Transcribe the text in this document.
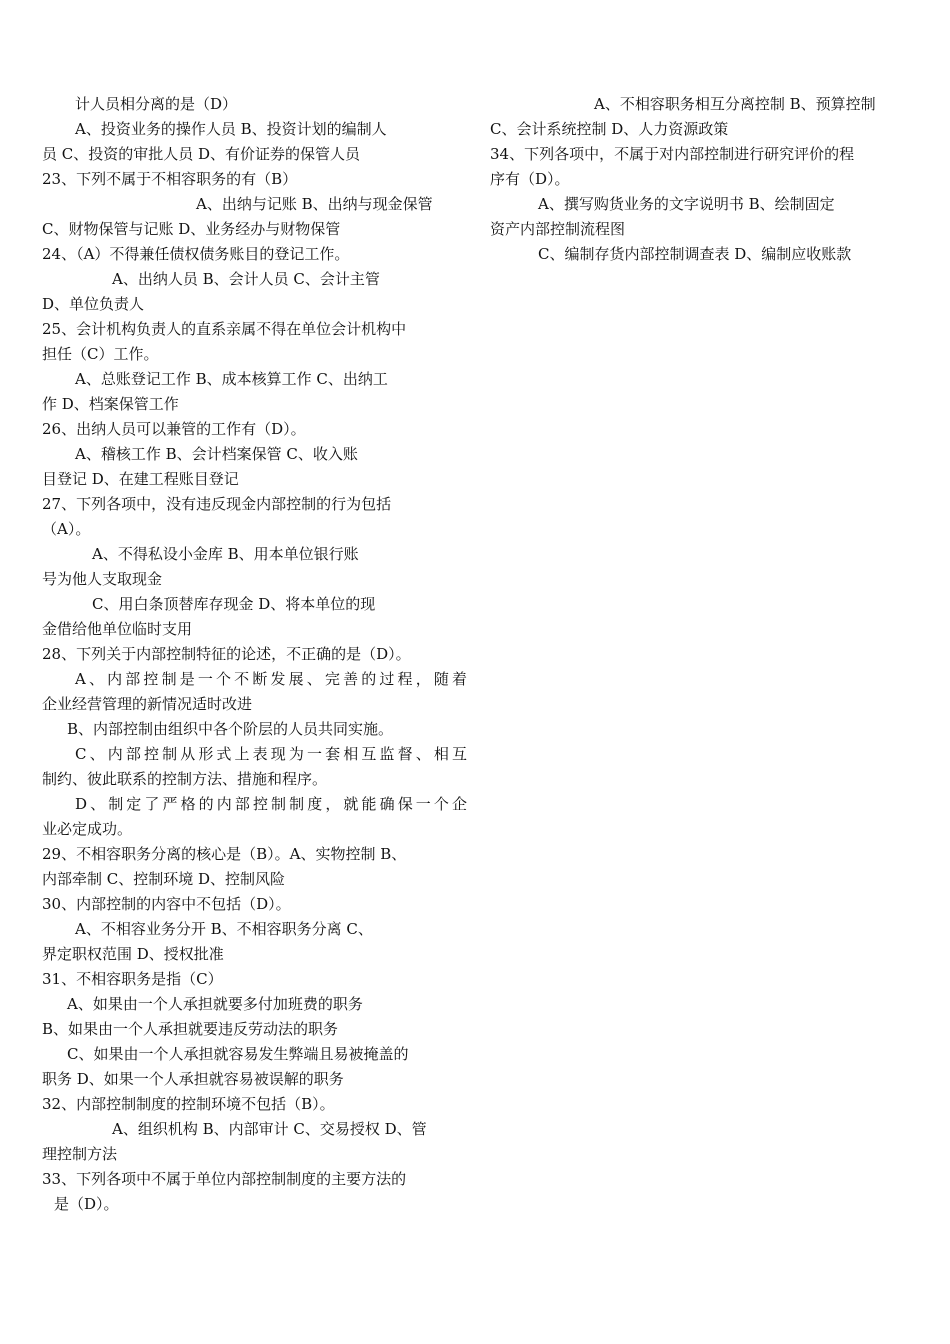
计人员相分离的是（D）
A、投资业务的操作人员 B、投资计划的编制人
员 C、投资的审批人员 D、有价证券的保管人员
23、下列不属于不相容职务的有（B）
A、出纳与记账 B、出纳与现金保管
C、财物保管与记账 D、业务经办与财物保管
24、（A）不得兼任债权债务账目的登记工作。
A、出纳人员 B、会计人员 C、会计主管
D、单位负责人
25、会计机构负责人的直系亲属不得在单位会计机构中
担任（C）工作。
A、总账登记工作 B、成本核算工作 C、出纳工
作 D、档案保管工作
26、出纳人员可以兼管的工作有（D）。
A、稽核工作 B、会计档案保管 C、收入账
目登记 D、在建工程账目登记
27、下列各项中，没有违反现金内部控制的行为包括
（A）。
A、不得私设小金库 B、用本单位银行账
号为他人支取现金
C、用白条顶替库存现金 D、将本单位的现
金借给他单位临时支用
28、下列关于内部控制特征的论述，不正确的是（D）。
A、内部控制是一个不断发展、完善的过程，随着
企业经营管理的新情况适时改进
B、内部控制由组织中各个阶层的人员共同实施。
C、内部控制从形式上表现为一套相互监督、相互
制约、彼此联系的控制方法、措施和程序。
D、制定了严格的内部控制制度，就能确保一个企
业必定成功。
29、不相容职务分离的核心是（B）。A、实物控制 B、
内部牵制 C、控制环境 D、控制风险
30、内部控制的内容中不包括（D）。
A、不相容业务分开 B、不相容职务分离 C、
界定职权范围 D、授权批准
31、不相容职务是指（C）
A、如果由一个人承担就要多付加班费的职务
B、如果由一个人承担就要违反劳动法的职务
C、如果由一个人承担就容易发生弊端且易被掩盖的
职务 D、如果一个人承担就容易被误解的职务
32、内部控制制度的控制环境不包括（B）。
A、组织机构 B、内部审计 C、交易授权 D、管
理控制方法
33、下列各项中不属于单位内部控制制度的主要方法的
是（D）。
A、不相容职务相互分离控制 B、预算控制
C、会计系统控制 D、人力资源政策
34、下列各项中，不属于对内部控制进行研究评价的程
序有（D）。
A、撰写购货业务的文字说明书 B、绘制固定
资产内部控制流程图
C、编制存货内部控制调查表 D、编制应收账款
